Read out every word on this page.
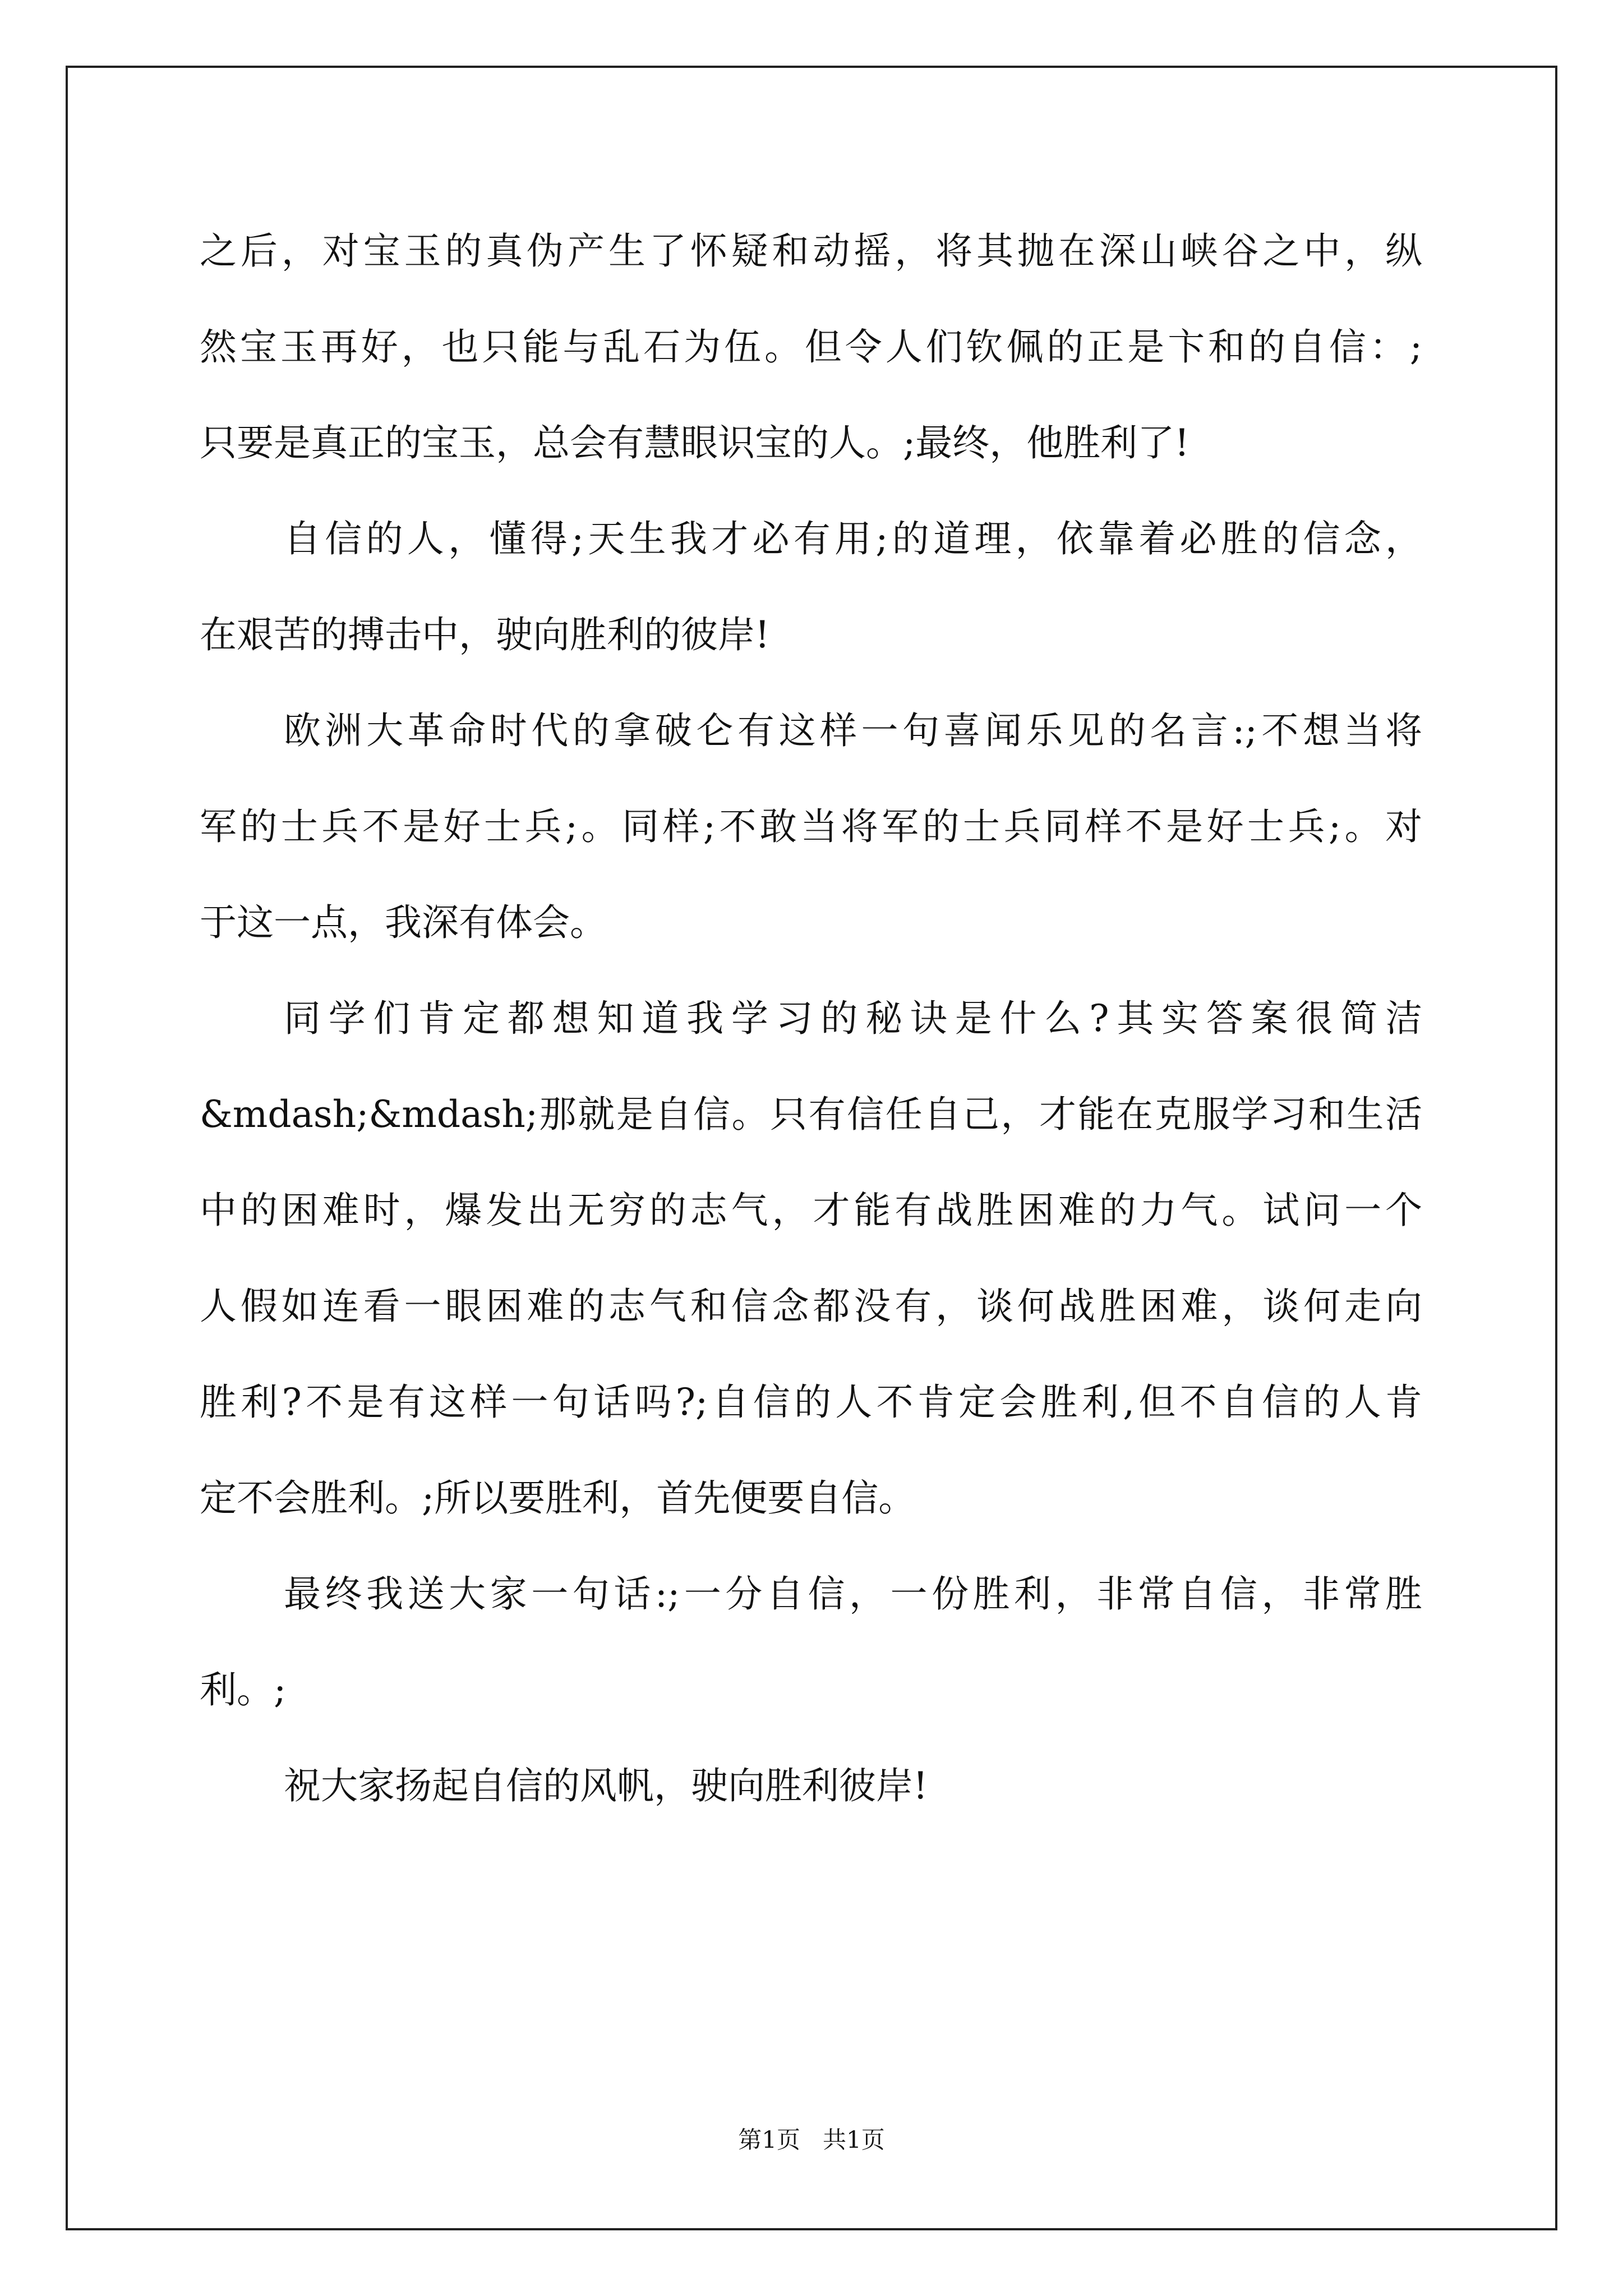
之后，对宝玉的真伪产生了怀疑和动摇，将其抛在深山峡谷之中，纵
然宝玉再好，也只能与乱石为伍。但令人们钦佩的正是卞和的自信：;
只要是真正的宝玉，总会有慧眼识宝的人。;最终，他胜利了!
自信的人，懂得;天生我才必有用;的道理，依靠着必胜的信念，
在艰苦的搏击中，驶向胜利的彼岸!
欧洲大革命时代的拿破仑有这样一句喜闻乐见的名言:;不想当将
军的士兵不是好士兵;。同样;不敢当将军的士兵同样不是好士兵;。对
于这一点，我深有体会。
同学们肯定都想知道我学习的秘诀是什么?其实答案很简洁
&mdash;&mdash;那就是自信。只有信任自己，才能在克服学习和生活
中的困难时，爆发出无穷的志气，才能有战胜困难的力气。试问一个
人假如连看一眼困难的志气和信念都没有，谈何战胜困难，谈何走向
胜利?不是有这样一句话吗?;自信的人不肯定会胜利,但不自信的人肯
定不会胜利。;所以要胜利，首先便要自信。
最终我送大家一句话:;一分自信，一份胜利，非常自信，非常胜
利。;
祝大家扬起自信的风帆，驶向胜利彼岸!
第1页 共1页
